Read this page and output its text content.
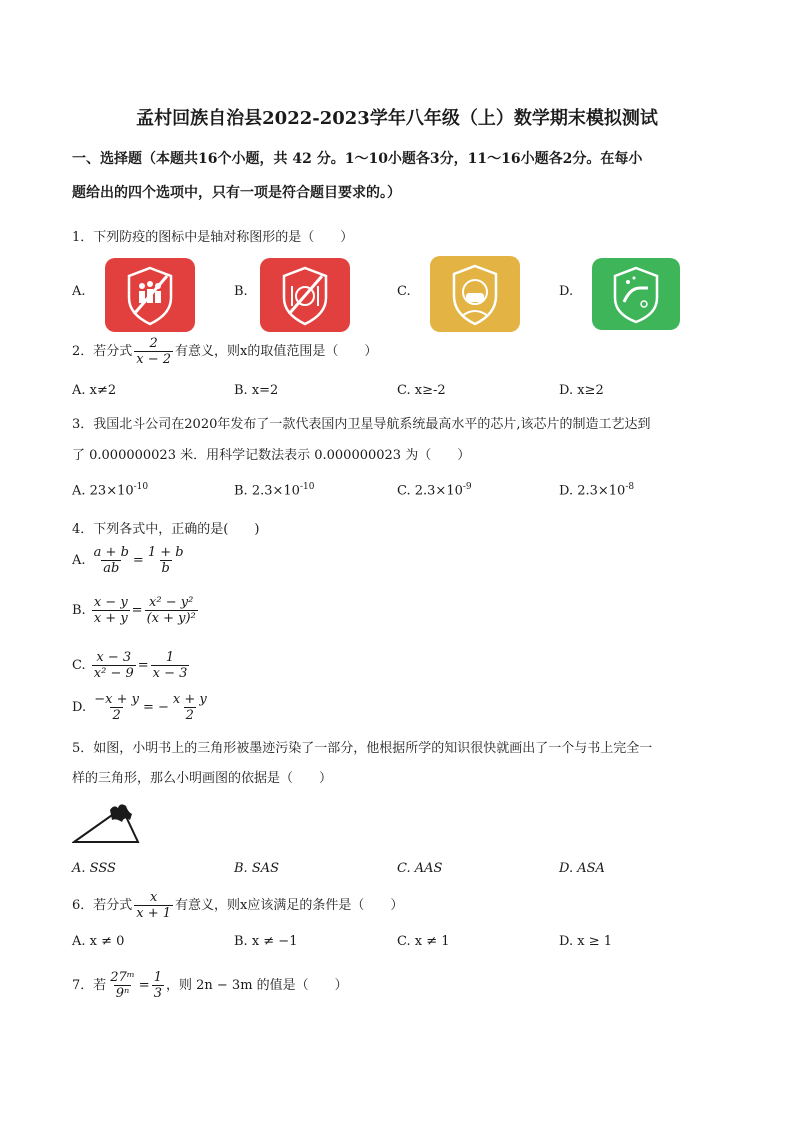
孟村回族自治县2022-2023学年八年级（上）数学期末模拟测试
一、选择题（本题共16个小题，共 42 分。1～10小题各3分，11～16小题各2分。在每小
题给出的四个选项中，只有一项是符合题目要求的。）
1．下列防疫的图标中是轴对称图形的是（　　）
A.	B.	C.	D.
2．若分式 $\frac{2}{x - 2}$ 有意义，则x的取值范围是（　　）
A. x≠2	B. x=2	C. x≥-2	D. x≥2
3．我国北斗公司在2020年发布了一款代表国内卫星导航系统最高水平的芯片,该芯片的制造工艺达到
了 0.000000023 米．用科学记数法表示 0.000000023 为（　　）
A. $23\times 10^{-10}$	B. $2.3\times 10^{-10}$	C. $2.3\times 10^{-9}$	D. $2.3\times 10^{-8}$
4．下列各式中，正确的是(　　)
A. $\frac{a + b}{ab} = \frac{1 + b}{b}$
B. $\frac{x - y}{x + y} = \frac{\text{x² − y²}}{\text{(x + y)²}}$
C. $\frac{x - 3}{\text{x² − 9}} = \frac{1}{x - 3}$
D. $\frac{-x + y}{2}$ = − $\frac{x + y}{2}$
5．如图，小明书上的三角形被墨迹污染了一部分，他根据所学的知识很快就画出了一个与书上完全一
样的三角形，那么小明画图的依据是（　　）
A. SSS	B. SAS	C. AAS	D. ASA
6．若分式 $\frac{x}{x + 1}$ 有意义，则x应该满足的条件是（　　）
A. x ≠ 0	B. x ≠ −1	C. x ≠ 1	D. x ≥ 1
7．若 $\frac{\text{27ᵐ}}{\text{9ⁿ}} = \frac{1}{3}$ ，则 2n − 3m 的值是（　　）
